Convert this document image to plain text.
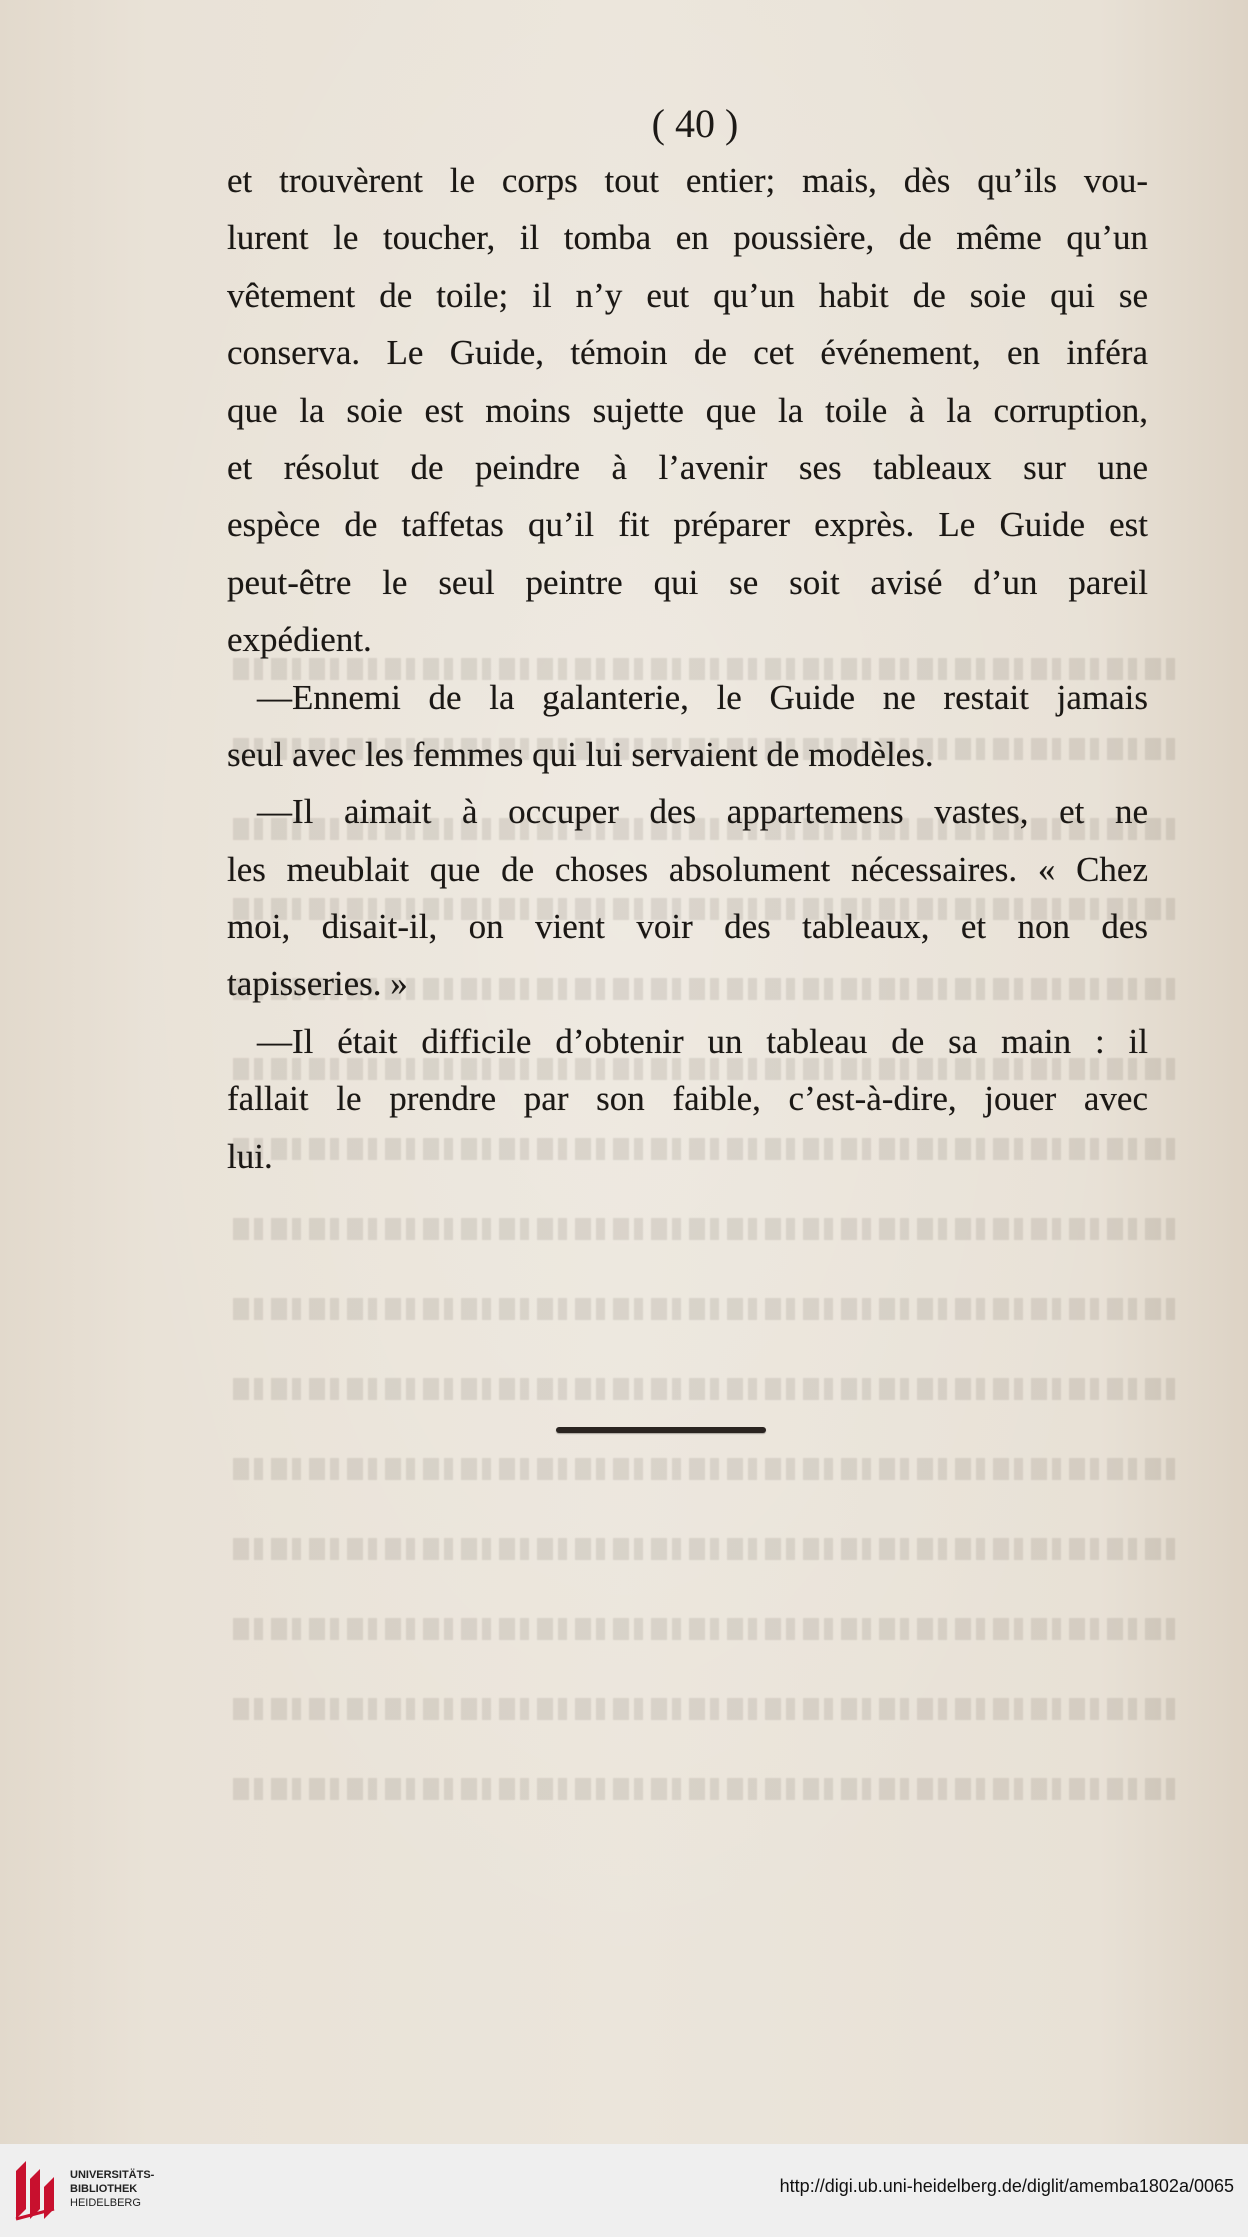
( 40 )
et trouvèrent le corps tout entier; mais, dès qu’ils vou-
lurent le toucher, il tomba en poussière, de même qu’un
vêtement de toile; il n’y eut qu’un habit de soie qui se
conserva. Le Guide, témoin de cet événement, en inféra
que la soie est moins sujette que la toile à la corruption,
et résolut de peindre à l’avenir ses tableaux sur une
espèce de taffetas qu’il fit préparer exprès. Le Guide est
peut-être le seul peintre qui se soit avisé d’un pareil
expédient.
—Ennemi de la galanterie, le Guide ne restait jamais
seul avec les femmes qui lui servaient de modèles.
—Il aimait à occuper des appartemens vastes, et ne
les meublait que de choses absolument nécessaires. « Chez
moi, disait-il, on vient voir des tableaux, et non des
tapisseries. »
—Il était difficile d’obtenir un tableau de sa main : il
fallait le prendre par son faible, c’est-à-dire, jouer avec
lui.
UNIVERSITÄTS-
BIBLIOTHEK
HEIDELBERG
http://digi.ub.uni-heidelberg.de/diglit/amemba1802a/0065
